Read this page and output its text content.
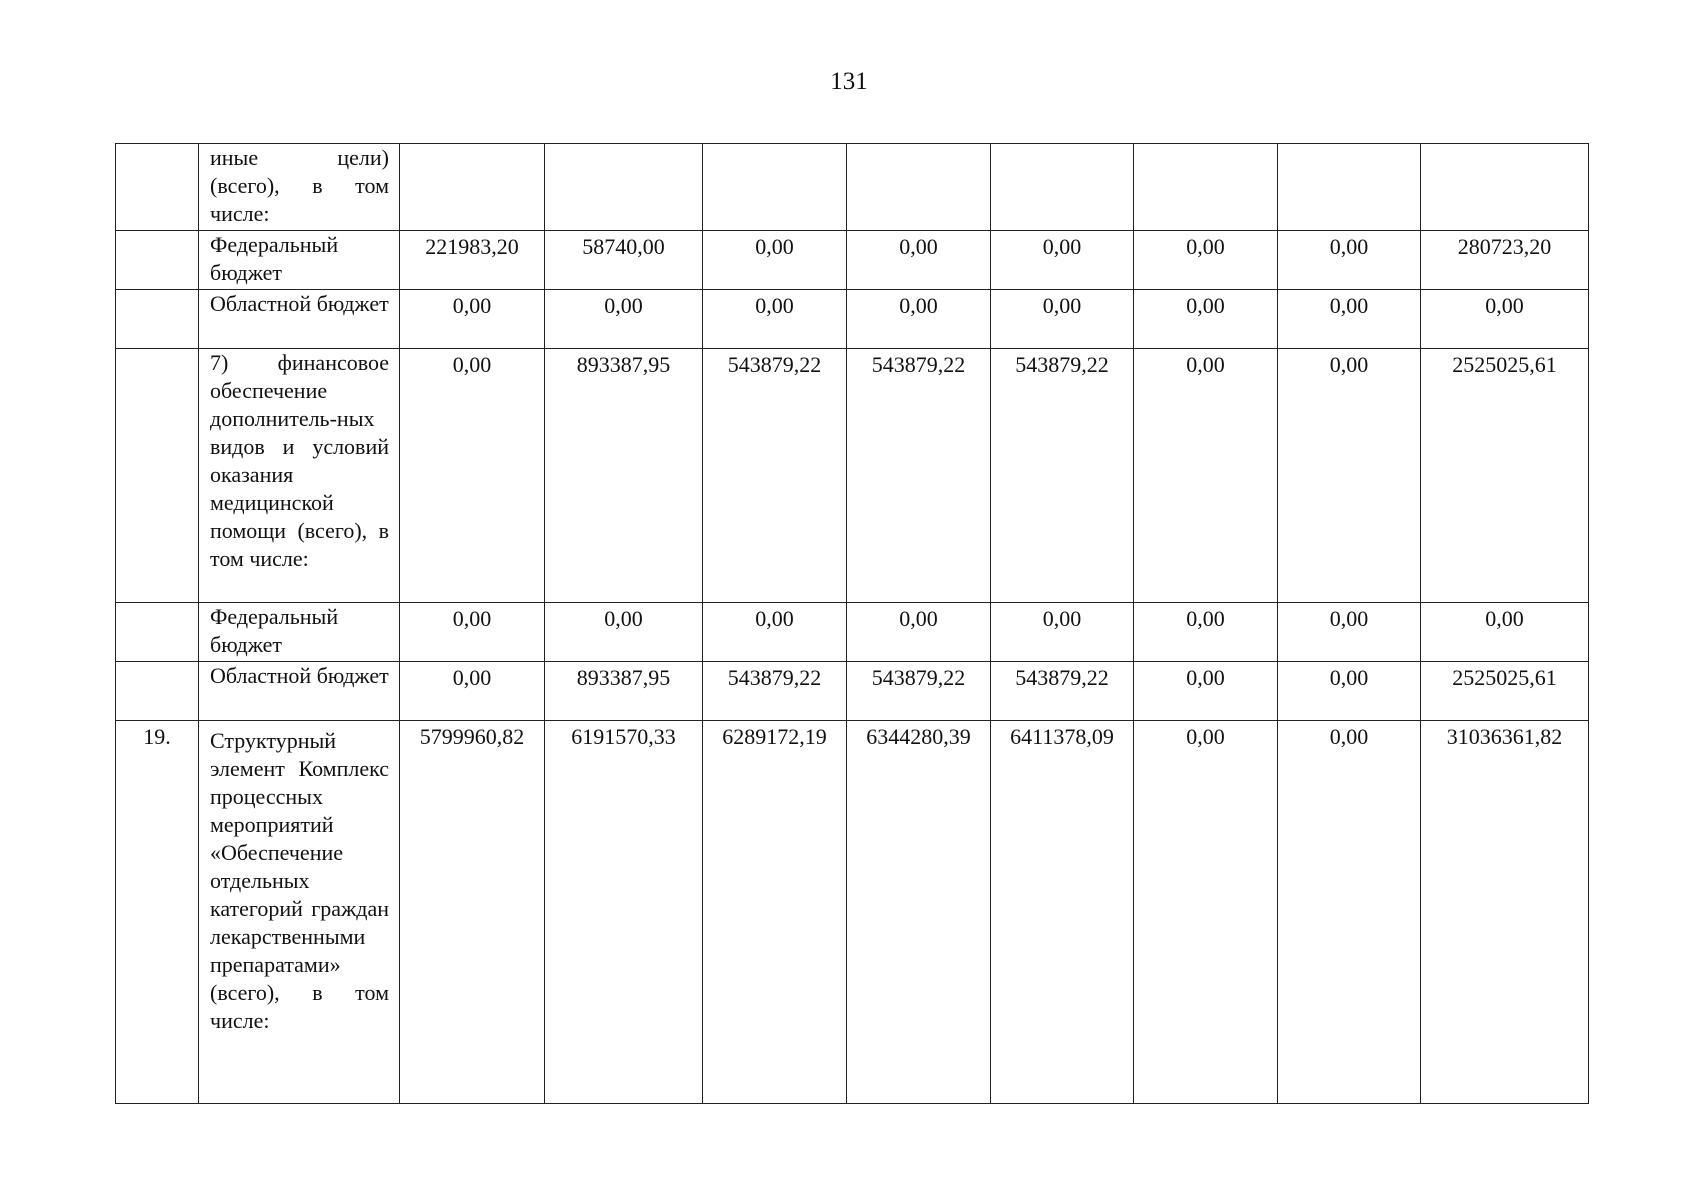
131
	иные цели) (всего), в том числе:								
	Федеральный бюджет	221983,20	58740,00	0,00	0,00	0,00	0,00	0,00	280723,20
	Областной бюджет	0,00	0,00	0,00	0,00	0,00	0,00	0,00	0,00
	7) финансовое обеспечение дополнитель-ных видов и условий оказания медицинской помощи (всего), в том числе:	0,00	893387,95	543879,22	543879,22	543879,22	0,00	0,00	2525025,61
	Федеральный бюджет	0,00	0,00	0,00	0,00	0,00	0,00	0,00	0,00
	Областной бюджет	0,00	893387,95	543879,22	543879,22	543879,22	0,00	0,00	2525025,61
19.	Структурный элемент Комплекс процессных мероприятий «Обеспечение отдельных категорий граждан лекарственными препаратами» (всего), в том числе:	5799960,82	6191570,33	6289172,19	6344280,39	6411378,09	0,00	0,00	31036361,82
